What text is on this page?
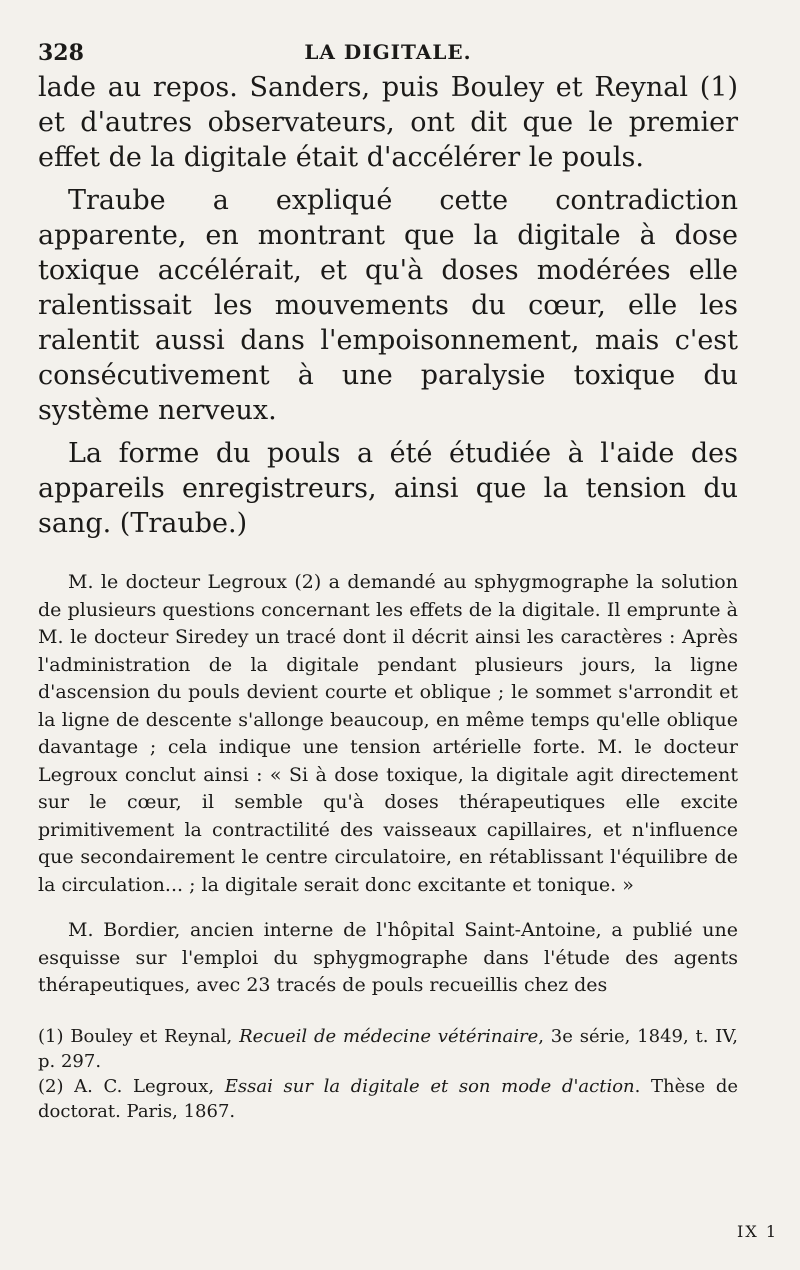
328	LA DIGITALE.

lade au repos. Sanders, puis Bouley et Reynal (1) et d'autres observateurs, ont dit que le premier effet de la digitale était d'accélérer le pouls.

Traube a expliqué cette contradiction apparente, en montrant que la digitale à dose toxique accélérait, et qu'à doses modérées elle ralentissait les mouvements du cœur, elle les ralentit aussi dans l'empoisonnement, mais c'est consécutivement à une paralysie toxique du système nerveux.

La forme du pouls a été étudiée à l'aide des appareils enregistreurs, ainsi que la tension du sang. (Traube.)

M. le docteur Legroux (2) a demandé au sphygmographe la solution de plusieurs questions concernant les effets de la digitale. Il emprunte à M. le docteur Siredey un tracé dont il décrit ainsi les caractères : Après l'administration de la digitale pendant plusieurs jours, la ligne d'ascension du pouls devient courte et oblique ; le sommet s'arrondit et la ligne de descente s'allonge beaucoup, en même temps qu'elle oblique davantage ; cela indique une tension artérielle forte. M. le docteur Legroux conclut ainsi : « Si à dose toxique, la digitale agit directement sur le cœur, il semble qu'à doses thérapeutiques elle excite primitivement la contractilité des vaisseaux capillaires, et n'influence que secondairement le centre circulatoire, en rétablissant l'équilibre de la circulation... ; la digitale serait donc excitante et tonique. »

M. Bordier, ancien interne de l'hôpital Saint-Antoine, a publié une esquisse sur l'emploi du sphygmographe dans l'étude des agents thérapeutiques, avec 23 tracés de pouls recueillis chez des

(1) Bouley et Reynal, Recueil de médecine vétérinaire, 3e série, 1849, t. IV, p. 297.

(2) A. C. Legroux, Essai sur la digitale et son mode d'action. Thèse de doctorat. Paris, 1867.

IX 1
